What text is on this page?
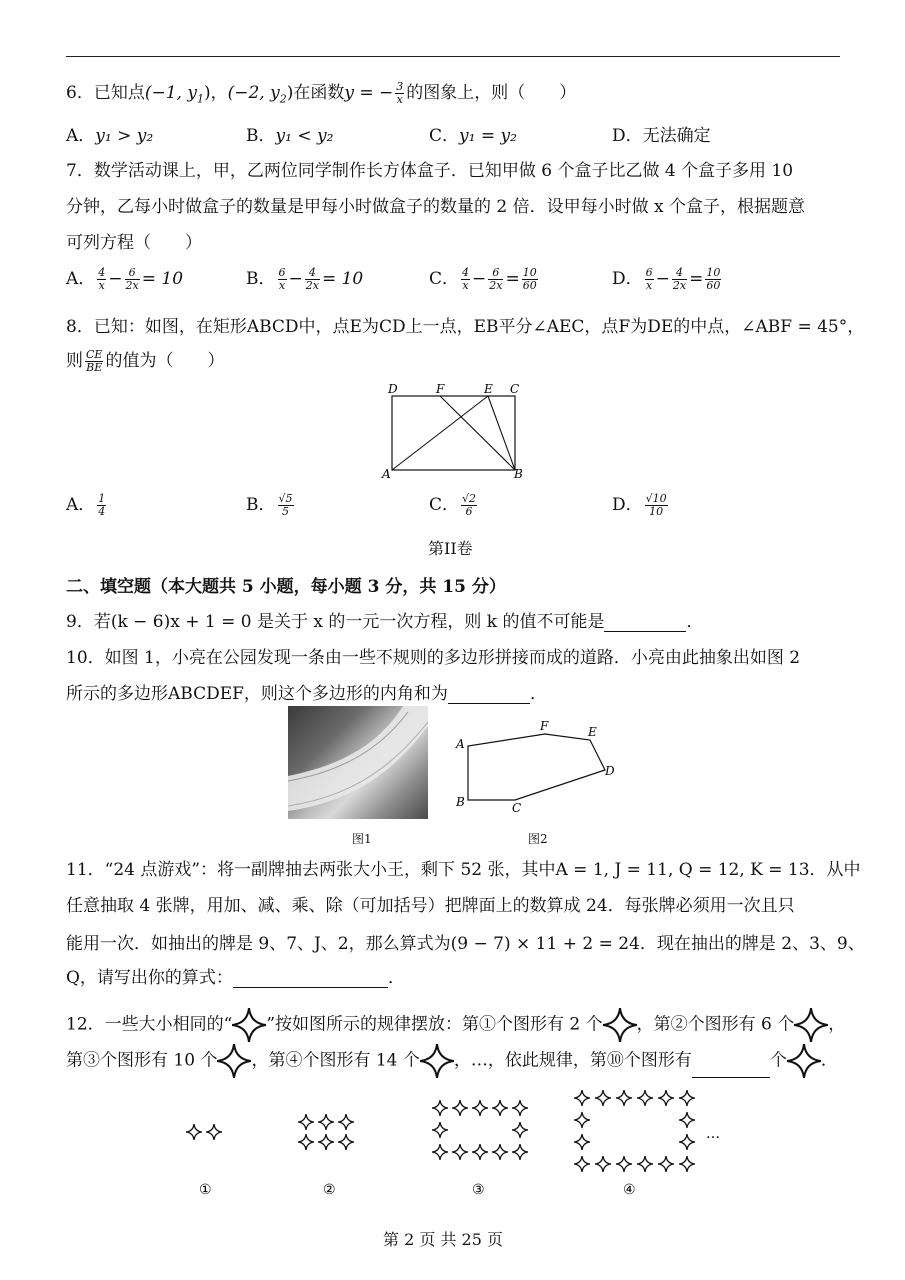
6．已知点(−1, $y_1$)，(−2, $y_2$)在函数y = − $\frac{3}{x}$ 的图象上，则（　　）
A．y₁ > y₂	B．y₁ < y₂	C．y₁ = y₂	D．无法确定
7．数学活动课上，甲，乙两位同学制作长方体盒子．已知甲做 6 个盒子比乙做 4 个盒子多用 10
分钟，乙每小时做盒子的数量是甲每小时做盒子的数量的 2 倍．设甲每小时做 x 个盒子，根据题意
可列方程（　　）
A． $\frac{4}{x} - \frac{6}{2x} = 10$	B． $\frac{6}{x} - \frac{4}{2x} = 10$	C． $\frac{4}{x} - \frac{6}{2x} = \frac{10}{60}$	D． $\frac{6}{x} - \frac{4}{2x} = \frac{10}{60}$
8．已知：如图，在矩形ABCD中，点E为CD上一点，EB平分∠AEC，点F为DE的中点，∠ABF = 45°，
则 $\frac{CE}{BE}$ 的值为（　　）
D	F	E C
A	B
A． $\frac{1}{4}$	B． $\frac{√5}{5}$	C． $\frac{√2}{6}$	D． $\frac{√10}{10}$
第II卷
二、填空题（本大题共 5 小题，每小题 3 分，共 15 分）
9．若(k − 6)x + 1 = 0 是关于 x 的一元一次方程，则 k 的值不可能是	．
10．如图 1，小亮在公园发现一条由一些不规则的多边形拼接而成的道路．小亮由此抽象出如图 2
所示的多边形ABCDEF，则这个多边形的内角和为	．
图1
A
B	C
D
E
F
图2
11．“24 点游戏”：将一副牌抽去两张大小王，剩下 52 张，其中A = 1, J = 11, Q = 12, K = 13．从中
任意抽取 4 张牌，用加、减、乘、除（可加括号）把牌面上的数算成 24．每张牌必须用一次且只
能用一次．如抽出的牌是 9、7、J、2，那么算式为(9 − 7) × 11 + 2 = 24．现在抽出的牌是 2、3、9、
Q，请写出你的算式：	．
12．一些大小相同的“ ”按如图所示的规律摆放：第①个图形有 2 个 ，第②个图形有 6 个 ，
第③个图形有 10 个 ，第④个图形有 14 个 ，…，依此规律，第⑩个图形有	个 ．
…
①	②	③	④
第 2 页 共 25 页
